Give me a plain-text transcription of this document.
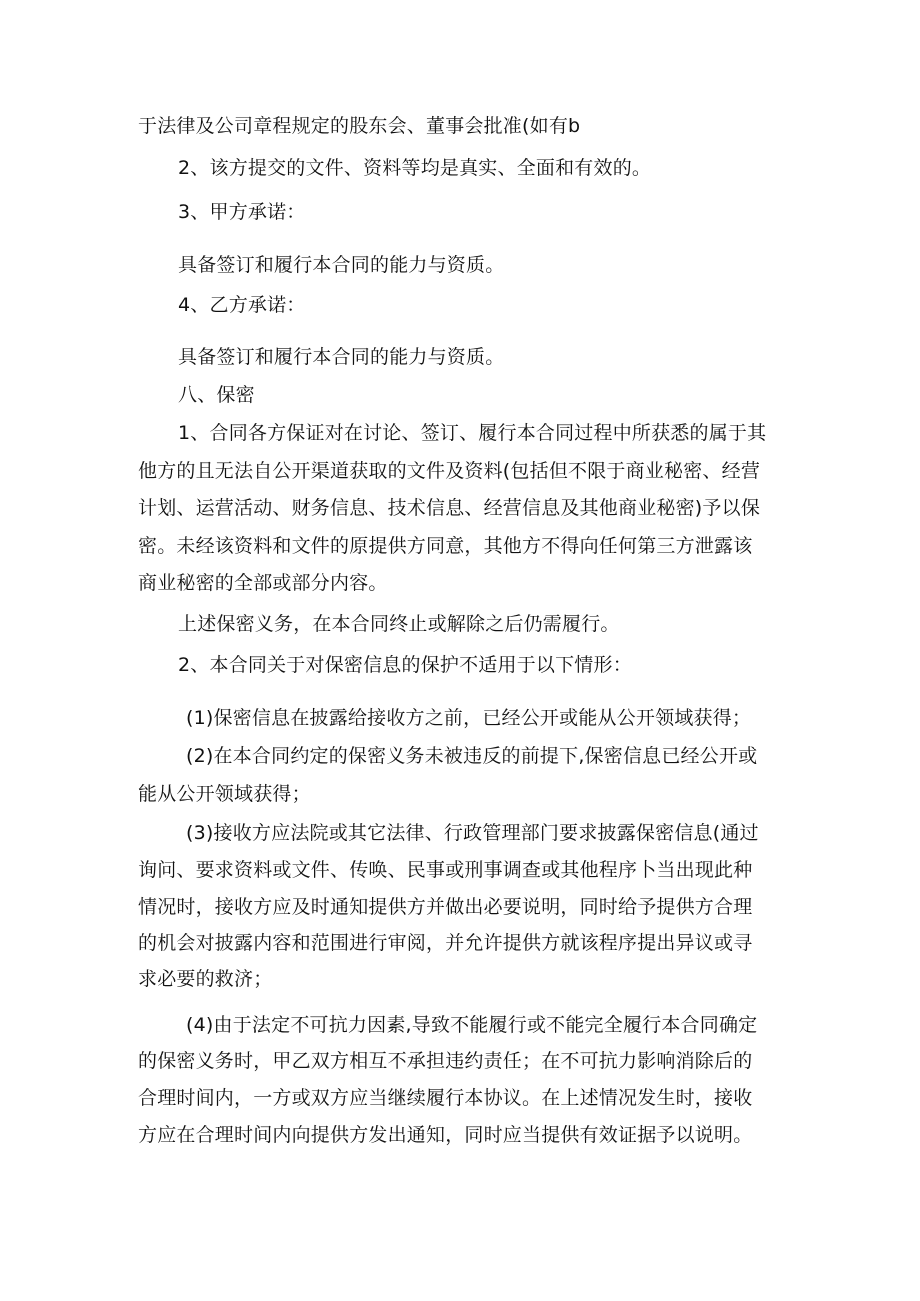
于法律及公司章程规定的股东会、董事会批准(如有b
2、该方提交的文件、资料等均是真实、全面和有效的。
3、甲方承诺：
具备签订和履行本合同的能力与资质。
4、乙方承诺：
具备签订和履行本合同的能力与资质。
八、保密
1、合同各方保证对在讨论、签订、履行本合同过程中所获悉的属于其
他方的且无法自公开渠道获取的文件及资料(包括但不限于商业秘密、经营
计划、运营活动、财务信息、技术信息、经营信息及其他商业秘密)予以保
密。未经该资料和文件的原提供方同意，其他方不得向任何第三方泄露该
商业秘密的全部或部分内容。
上述保密义务，在本合同终止或解除之后仍需履行。
2、本合同关于对保密信息的保护不适用于以下情形：
(1)保密信息在披露给接收方之前，已经公开或能从公开领域获得；
(2)在本合同约定的保密义务未被违反的前提下,保密信息已经公开或
能从公开领域获得；
(3)接收方应法院或其它法律、行政管理部门要求披露保密信息(通过
询问、要求资料或文件、传唤、民事或刑事调查或其他程序卜当出现此种
情况时，接收方应及时通知提供方并做出必要说明，同时给予提供方合理
的机会对披露内容和范围进行审阅，并允许提供方就该程序提出异议或寻
求必要的救济；
(4)由于法定不可抗力因素,导致不能履行或不能完全履行本合同确定
的保密义务时，甲乙双方相互不承担违约责任；在不可抗力影响消除后的
合理时间内，一方或双方应当继续履行本协议。在上述情况发生时，接收
方应在合理时间内向提供方发出通知，同时应当提供有效证据予以说明。
